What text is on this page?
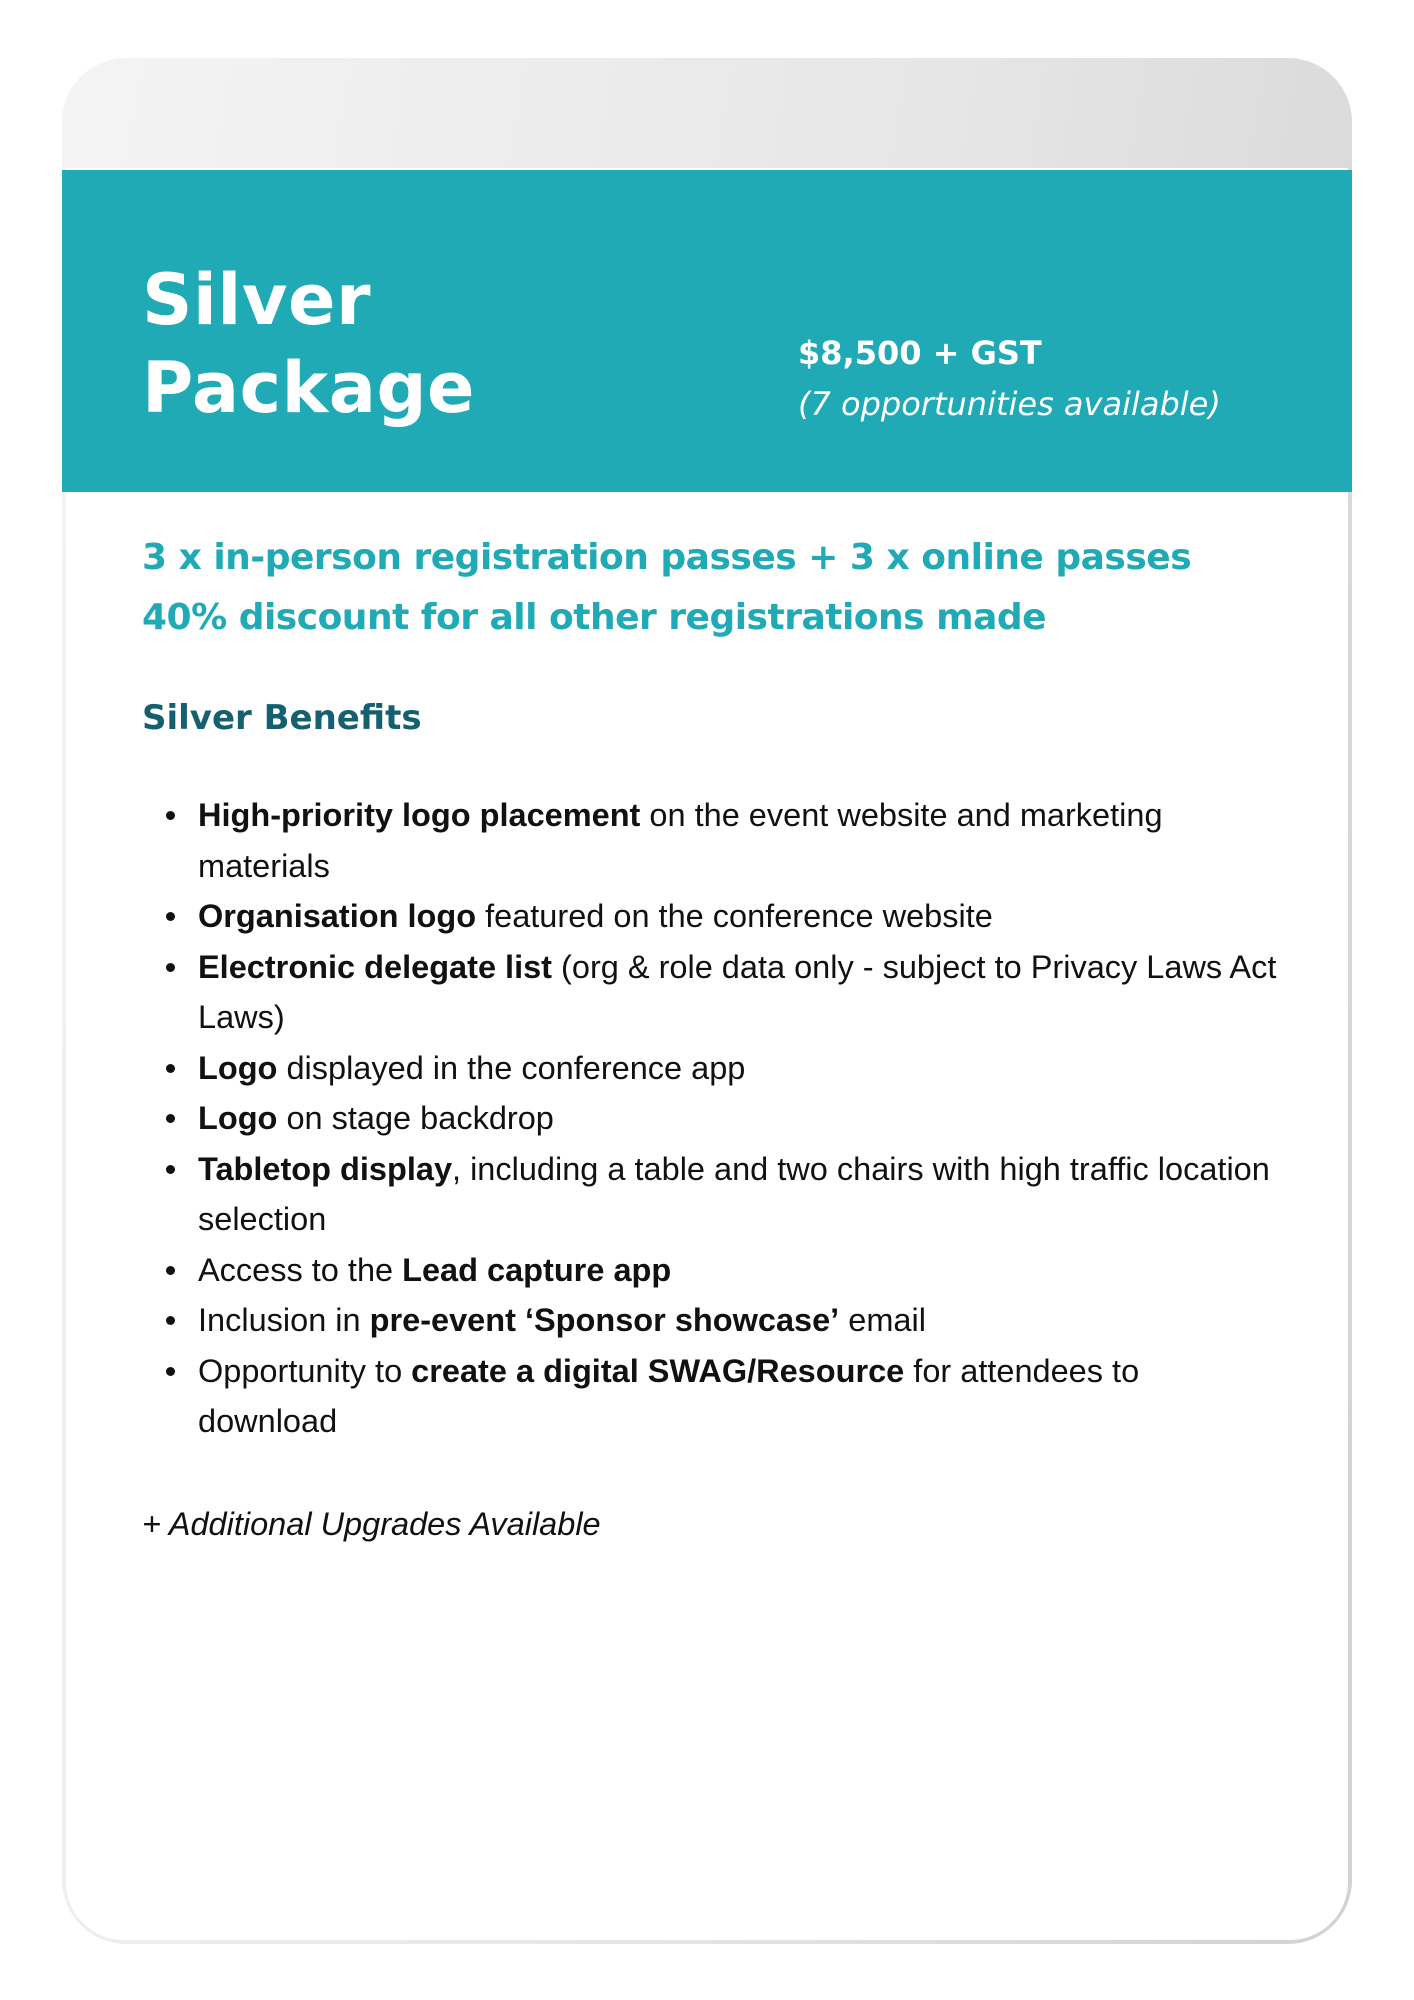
Silver
Package	$8,500 + GST
(7 opportunities available)

3 x in-person registration passes + 3 x online passes
40% discount for all other registrations made

Silver Benefits
High-priority logo placement on the event website and marketing materials
Organisation logo featured on the conference website
Electronic delegate list (org & role data only - subject to Privacy Laws Act Laws)
Logo displayed in the conference app
Logo on stage backdrop
Tabletop display, including a table and two chairs with high traffic location selection
Access to the Lead capture app
Inclusion in pre-event ‘Sponsor showcase’ email
Opportunity to create a digital SWAG/Resource for attendees to download

+ Additional Upgrades Available
